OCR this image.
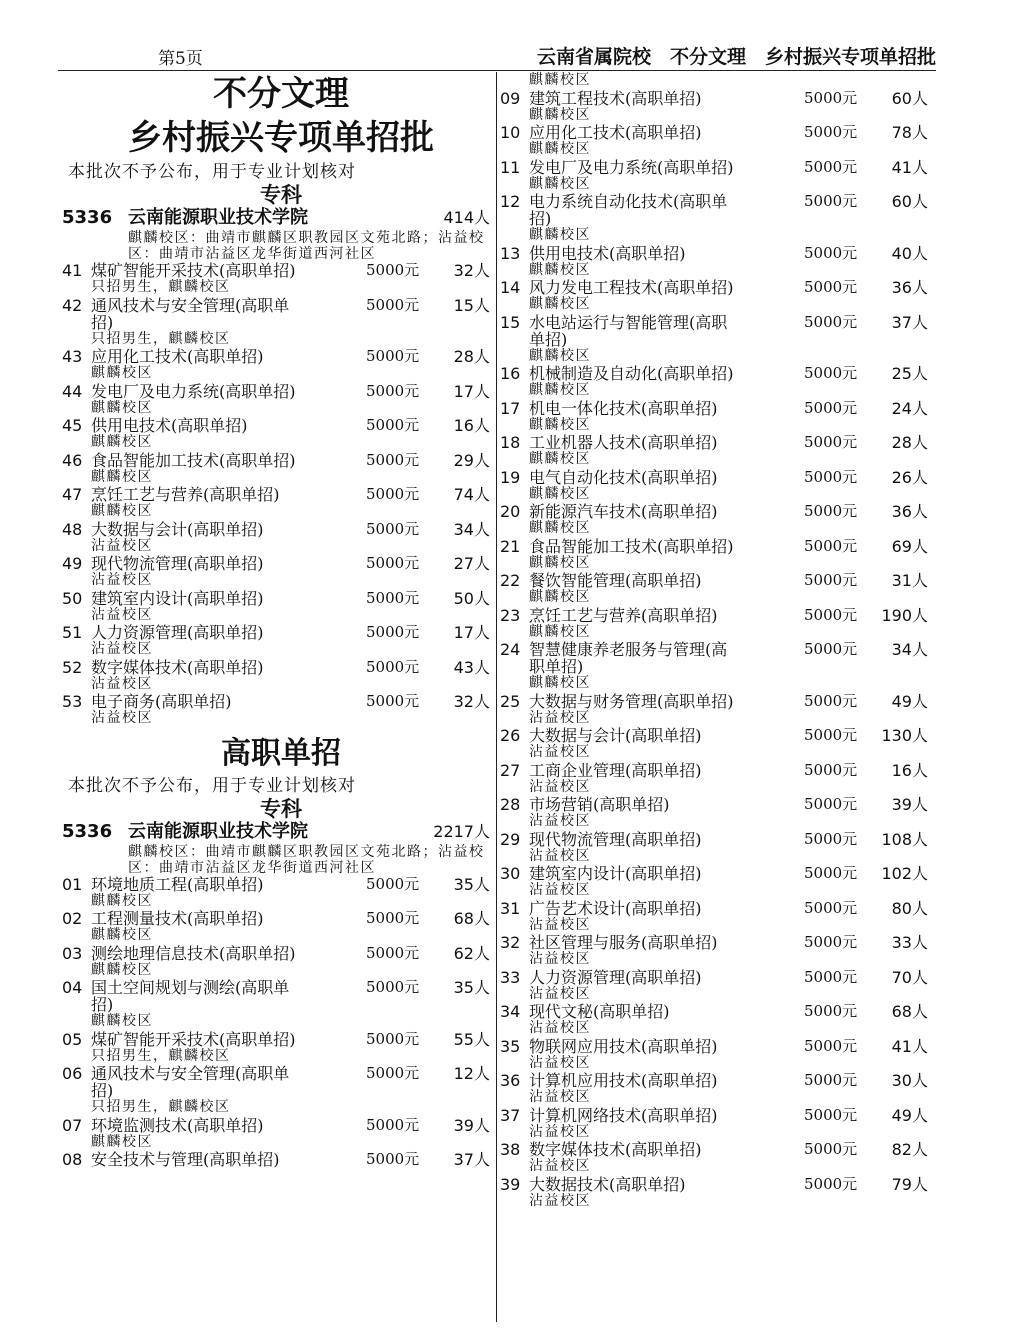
第5页	云南省属院校　不分文理　乡村振兴专项单招批
不分文理
乡村振兴专项单招批
本批次不予公布，用于专业计划核对
专科
5336 云南能源职业技术学院	414人
麒麟校区：曲靖市麒麟区职教园区文苑北路；沾益校区：曲靖市沾益区龙华街道西河社区
41 煤矿智能开采技术(高职单招)	5000元	32人
只招男生，麒麟校区
42 通风技术与安全管理(高职单招)
5000元	15人
只招男生，麒麟校区
43 应用化工技术(高职单招)	5000元	28人
麒麟校区
44 发电厂及电力系统(高职单招)	5000元	17人
麒麟校区
45 供用电技术(高职单招)	5000元	16人
麒麟校区
46 食品智能加工技术(高职单招)	5000元	29人
麒麟校区
47 烹饪工艺与营养(高职单招)	5000元	74人
麒麟校区
48 大数据与会计(高职单招)	5000元	34人
沾益校区
49 现代物流管理(高职单招)	5000元	27人
沾益校区
50 建筑室内设计(高职单招)	5000元	50人
沾益校区
51 人力资源管理(高职单招)	5000元	17人
沾益校区
52 数字媒体技术(高职单招)	5000元	43人
沾益校区
53 电子商务(高职单招)	5000元	32人
沾益校区
高职单招
本批次不予公布，用于专业计划核对
专科
5336 云南能源职业技术学院	2217人
麒麟校区：曲靖市麒麟区职教园区文苑北路；沾益校区：曲靖市沾益区龙华街道西河社区
01 环境地质工程(高职单招)	5000元	35人
麒麟校区
02 工程测量技术(高职单招)	5000元	68人
麒麟校区
03 测绘地理信息技术(高职单招)	5000元	62人
麒麟校区
04 国土空间规划与测绘(高职单招)
5000元	35人
麒麟校区
05 煤矿智能开采技术(高职单招)	5000元	55人
只招男生，麒麟校区
06 通风技术与安全管理(高职单招)
5000元	12人
只招男生，麒麟校区
07 环境监测技术(高职单招)	5000元	39人
麒麟校区
08 安全技术与管理(高职单招)	5000元	37人
麒麟校区
09 建筑工程技术(高职单招)	5000元	60人
麒麟校区
10 应用化工技术(高职单招)	5000元	78人
麒麟校区
11 发电厂及电力系统(高职单招)	5000元	41人
麒麟校区
12 电力系统自动化技术(高职单招)
5000元	60人
麒麟校区
13 供用电技术(高职单招)	5000元	40人
麒麟校区
14 风力发电工程技术(高职单招)	5000元	36人
麒麟校区
15 水电站运行与智能管理(高职单招)
5000元	37人
麒麟校区
16 机械制造及自动化(高职单招)	5000元	25人
麒麟校区
17 机电一体化技术(高职单招)	5000元	24人
麒麟校区
18 工业机器人技术(高职单招)	5000元	28人
麒麟校区
19 电气自动化技术(高职单招)	5000元	26人
麒麟校区
20 新能源汽车技术(高职单招)	5000元	36人
麒麟校区
21 食品智能加工技术(高职单招)	5000元	69人
麒麟校区
22 餐饮智能管理(高职单招)	5000元	31人
麒麟校区
23 烹饪工艺与营养(高职单招)	5000元	190人
麒麟校区
24 智慧健康养老服务与管理(高职单招)
5000元	34人
麒麟校区
25 大数据与财务管理(高职单招)	5000元	49人
沾益校区
26 大数据与会计(高职单招)	5000元	130人
沾益校区
27 工商企业管理(高职单招)	5000元	16人
沾益校区
28 市场营销(高职单招)	5000元	39人
沾益校区
29 现代物流管理(高职单招)	5000元	108人
沾益校区
30 建筑室内设计(高职单招)	5000元	102人
沾益校区
31 广告艺术设计(高职单招)	5000元	80人
沾益校区
32 社区管理与服务(高职单招)	5000元	33人
沾益校区
33 人力资源管理(高职单招)	5000元	70人
沾益校区
34 现代文秘(高职单招)	5000元	68人
沾益校区
35 物联网应用技术(高职单招)	5000元	41人
沾益校区
36 计算机应用技术(高职单招)	5000元	30人
沾益校区
37 计算机网络技术(高职单招)	5000元	49人
沾益校区
38 数字媒体技术(高职单招)	5000元	82人
沾益校区
39 大数据技术(高职单招)	5000元	79人
沾益校区
